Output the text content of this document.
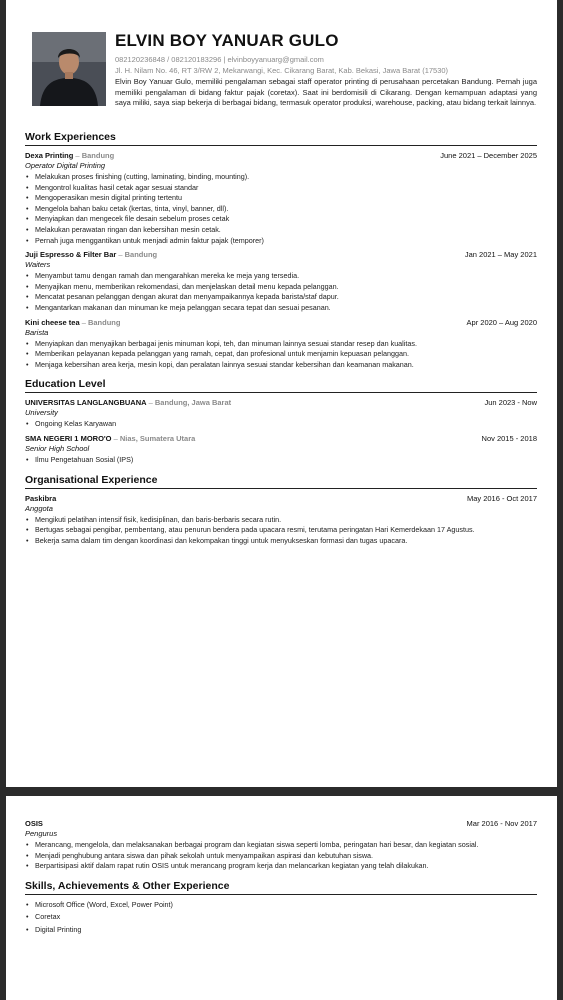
ELVIN BOY YANUAR GULO
082120236848 / 082120183296 | elvinboyyanuarg@gmail.com
Jl. H. Nilam No. 46, RT 3/RW 2, Mekarwangi, Kec. Cikarang Barat, Kab. Bekasi, Jawa Barat (17530)
Elvin Boy Yanuar Gulo, memiliki pengalaman sebagai staff operator printing di perusahaan percetakan Bandung. Pernah juga memiliki pengalaman di bidang faktur pajak (coretax). Saat ini berdomisili di Cikarang. Dengan kemampuan adaptasi yang saya miliki, saya siap bekerja di berbagai bidang, termasuk operator produksi, warehouse, packing, atau bidang terkait lainnya.
Work Experiences
Dexa Printing – Bandung	June 2021 – December 2025
Operator Digital Printing
• Melakukan proses finishing (cutting, laminating, binding, mounting).
• Mengontrol kualitas hasil cetak agar sesuai standar
• Mengoperasikan mesin digital printing tertentu
• Mengelola bahan baku cetak (kertas, tinta, vinyl, banner, dll).
• Menyiapkan dan mengecek file desain sebelum proses cetak
• Melakukan perawatan ringan dan kebersihan mesin cetak.
• Pernah juga menggantikan untuk menjadi admin faktur pajak (temporer)
Juji Espresso & Filter Bar – Bandung	Jan 2021 – May 2021
Waiters
• Menyambut tamu dengan ramah dan mengarahkan mereka ke meja yang tersedia.
• Menyajikan menu, memberikan rekomendasi, dan menjelaskan detail menu kepada pelanggan.
• Mencatat pesanan pelanggan dengan akurat dan menyampaikannya kepada barista/staf dapur.
• Mengantarkan makanan dan minuman ke meja pelanggan secara tepat dan sesuai pesanan.
Kini cheese tea – Bandung	Apr 2020 – Aug 2020
Barista
• Menyiapkan dan menyajikan berbagai jenis minuman kopi, teh, dan minuman lainnya sesuai standar resep dan kualitas.
• Memberikan pelayanan kepada pelanggan yang ramah, cepat, dan profesional untuk menjamin kepuasan pelanggan.
• Menjaga kebersihan area kerja, mesin kopi, dan peralatan lainnya sesuai standar kebersihan dan keamanan makanan.
Education Level
UNIVERSITAS LANGLANGBUANA – Bandung, Jawa Barat	Jun 2023 - Now
University
• Ongoing Kelas Karyawan
SMA NEGERI 1 MORO'O – Nias, Sumatera Utara	Nov 2015 - 2018
Senior High School
• Ilmu Pengetahuan Sosial (IPS)
Organisational Experience
Paskibra	May 2016 - Oct 2017
Anggota
• Mengikuti pelatihan intensif fisik, kedisiplinan, dan baris-berbaris secara rutin.
• Bertugas sebagai pengibar, pembentang, atau penurun bendera pada upacara resmi, terutama peringatan Hari Kemerdekaan 17 Agustus.
• Bekerja sama dalam tim dengan koordinasi dan kekompakan tinggi untuk menyukseskan formasi dan tugas upacara.
OSIS	Mar 2016 - Nov 2017
Pengurus
• Merancang, mengelola, dan melaksanakan berbagai program dan kegiatan siswa seperti lomba, peringatan hari besar, dan kegiatan sosial.
• Menjadi penghubung antara siswa dan pihak sekolah untuk menyampaikan aspirasi dan kebutuhan siswa.
• Berpartisipasi aktif dalam rapat rutin OSIS untuk merancang program kerja dan melancarkan kegiatan yang telah dilakukan.
Skills, Achievements & Other Experience
• Microsoft Office (Word, Excel, Power Point)
• Coretax
• Digital Printing
